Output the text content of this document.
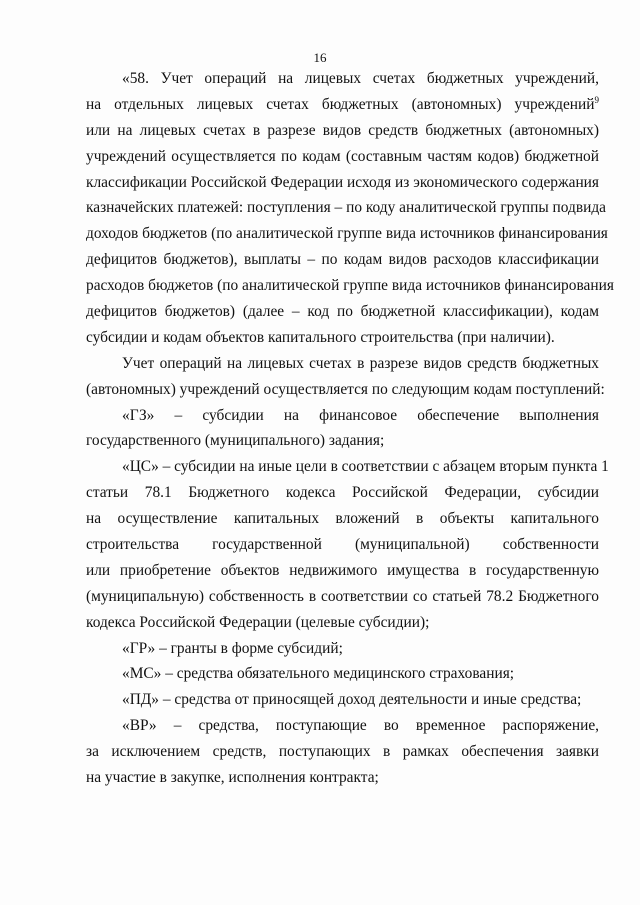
16
«58. Учет операций на лицевых счетах бюджетных учреждений,
на отдельных лицевых счетах бюджетных (автономных) учреждений$^9$
или на лицевых счетах в разрезе видов средств бюджетных (автономных)
учреждений осуществляется по кодам (составным частям кодов) бюджетной
классификации Российской Федерации исходя из экономического содержания
казначейских платежей: поступления – по коду аналитической группы подвида
доходов бюджетов (по аналитической группе вида источников финансирования
дефицитов бюджетов), выплаты – по кодам видов расходов классификации
расходов бюджетов (по аналитической группе вида источников финансирования
дефицитов бюджетов) (далее – код по бюджетной классификации), кодам
субсидии и кодам объектов капитального строительства (при наличии).
Учет операций на лицевых счетах в разрезе видов средств бюджетных
(автономных) учреждений осуществляется по следующим кодам поступлений:
«ГЗ» – субсидии на финансовое обеспечение выполнения
государственного (муниципального) задания;
«ЦС» – субсидии на иные цели в соответствии с абзацем вторым пункта 1
статьи 78.1 Бюджетного кодекса Российской Федерации, субсидии
на осуществление капитальных вложений в объекты капитального
строительства государственной (муниципальной) собственности
или приобретение объектов недвижимого имущества в государственную
(муниципальную) собственность в соответствии со статьей 78.2 Бюджетного
кодекса Российской Федерации (целевые субсидии);
«ГР» – гранты в форме субсидий;
«МС» – средства обязательного медицинского страхования;
«ПД» – средства от приносящей доход деятельности и иные средства;
«ВР» – средства, поступающие во временное распоряжение,
за исключением средств, поступающих в рамках обеспечения заявки
на участие в закупке, исполнения контракта;
